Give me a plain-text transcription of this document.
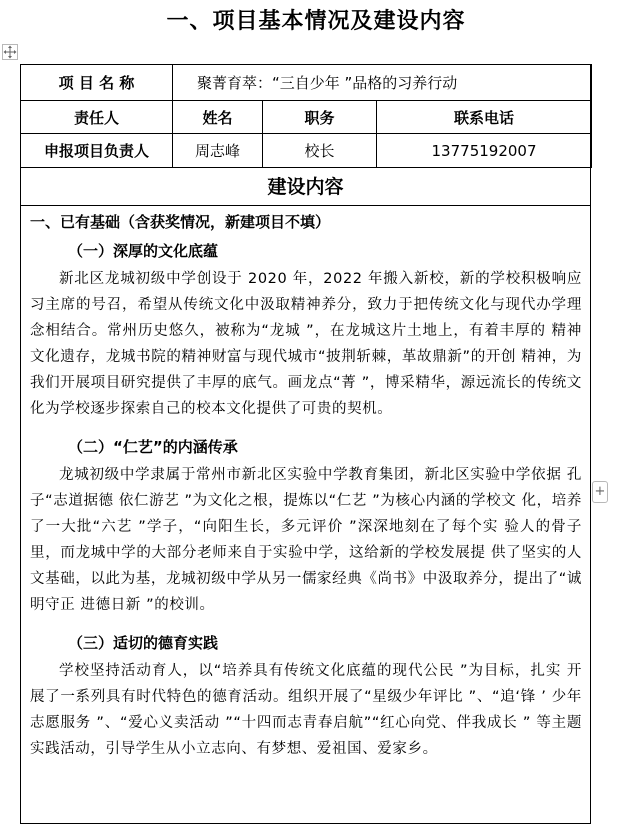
一、项目基本情况及建设内容
+
项 目 名 称	聚菁育萃：“三自少年 ”品格的习养行动		
责任人	姓名	职务	联系电话
申报项目负责人	周志峰	校长	13775192007
建设内容
一、已有基础（含获奖情况，新建项目不填）
（一）深厚的文化底蕴

新北区龙城初级中学创设于 2020 年，2022 年搬入新校，新的学校积极响应习主席的号召，希望从传统文化中汲取精神养分，致力于把传统文化与现代办学理念相结合。常州历史悠久，被称为“龙城 ”，在龙城这片土地上，有着丰厚的 精神文化遗存，龙城书院的精神财富与现代城市“披荆斩棘，革故鼎新”的开创 精神，为我们开展项目研究提供了丰厚的底气。画龙点“菁 ”，博采精华，源远流长的传统文化为学校逐步探索自己的校本文化提供了可贵的契机。

（二）“仁艺”的内涵传承

龙城初级中学隶属于常州市新北区实验中学教育集团，新北区实验中学依据 孔子“志道据德 依仁游艺 ”为文化之根，提炼以“仁艺 ”为核心内涵的学校文 化，培养了一大批“六艺 ”学子，“向阳生长，多元评价 ”深深地刻在了每个实 验人的骨子里，而龙城中学的大部分老师来自于实验中学，这给新的学校发展提 供了坚实的人文基础，以此为基，龙城初级中学从另一儒家经典《尚书》中汲取养分，提出了“诚明守正 进德日新 ”的校训。

（三）适切的德育实践

学校坚持活动育人，以“培养具有传统文化底蕴的现代公民 ”为目标，扎实 开展了一系列具有时代特色的德育活动。组织开展了“星级少年评比 ”、“追‘锋 ’ 少年志愿服务 ”、“爱心义卖活动 ”“十四而志青春启航”“红心向党、伴我成长 ” 等主题实践活动，引导学生从小立志向、有梦想、爱祖国、爱家乡。
